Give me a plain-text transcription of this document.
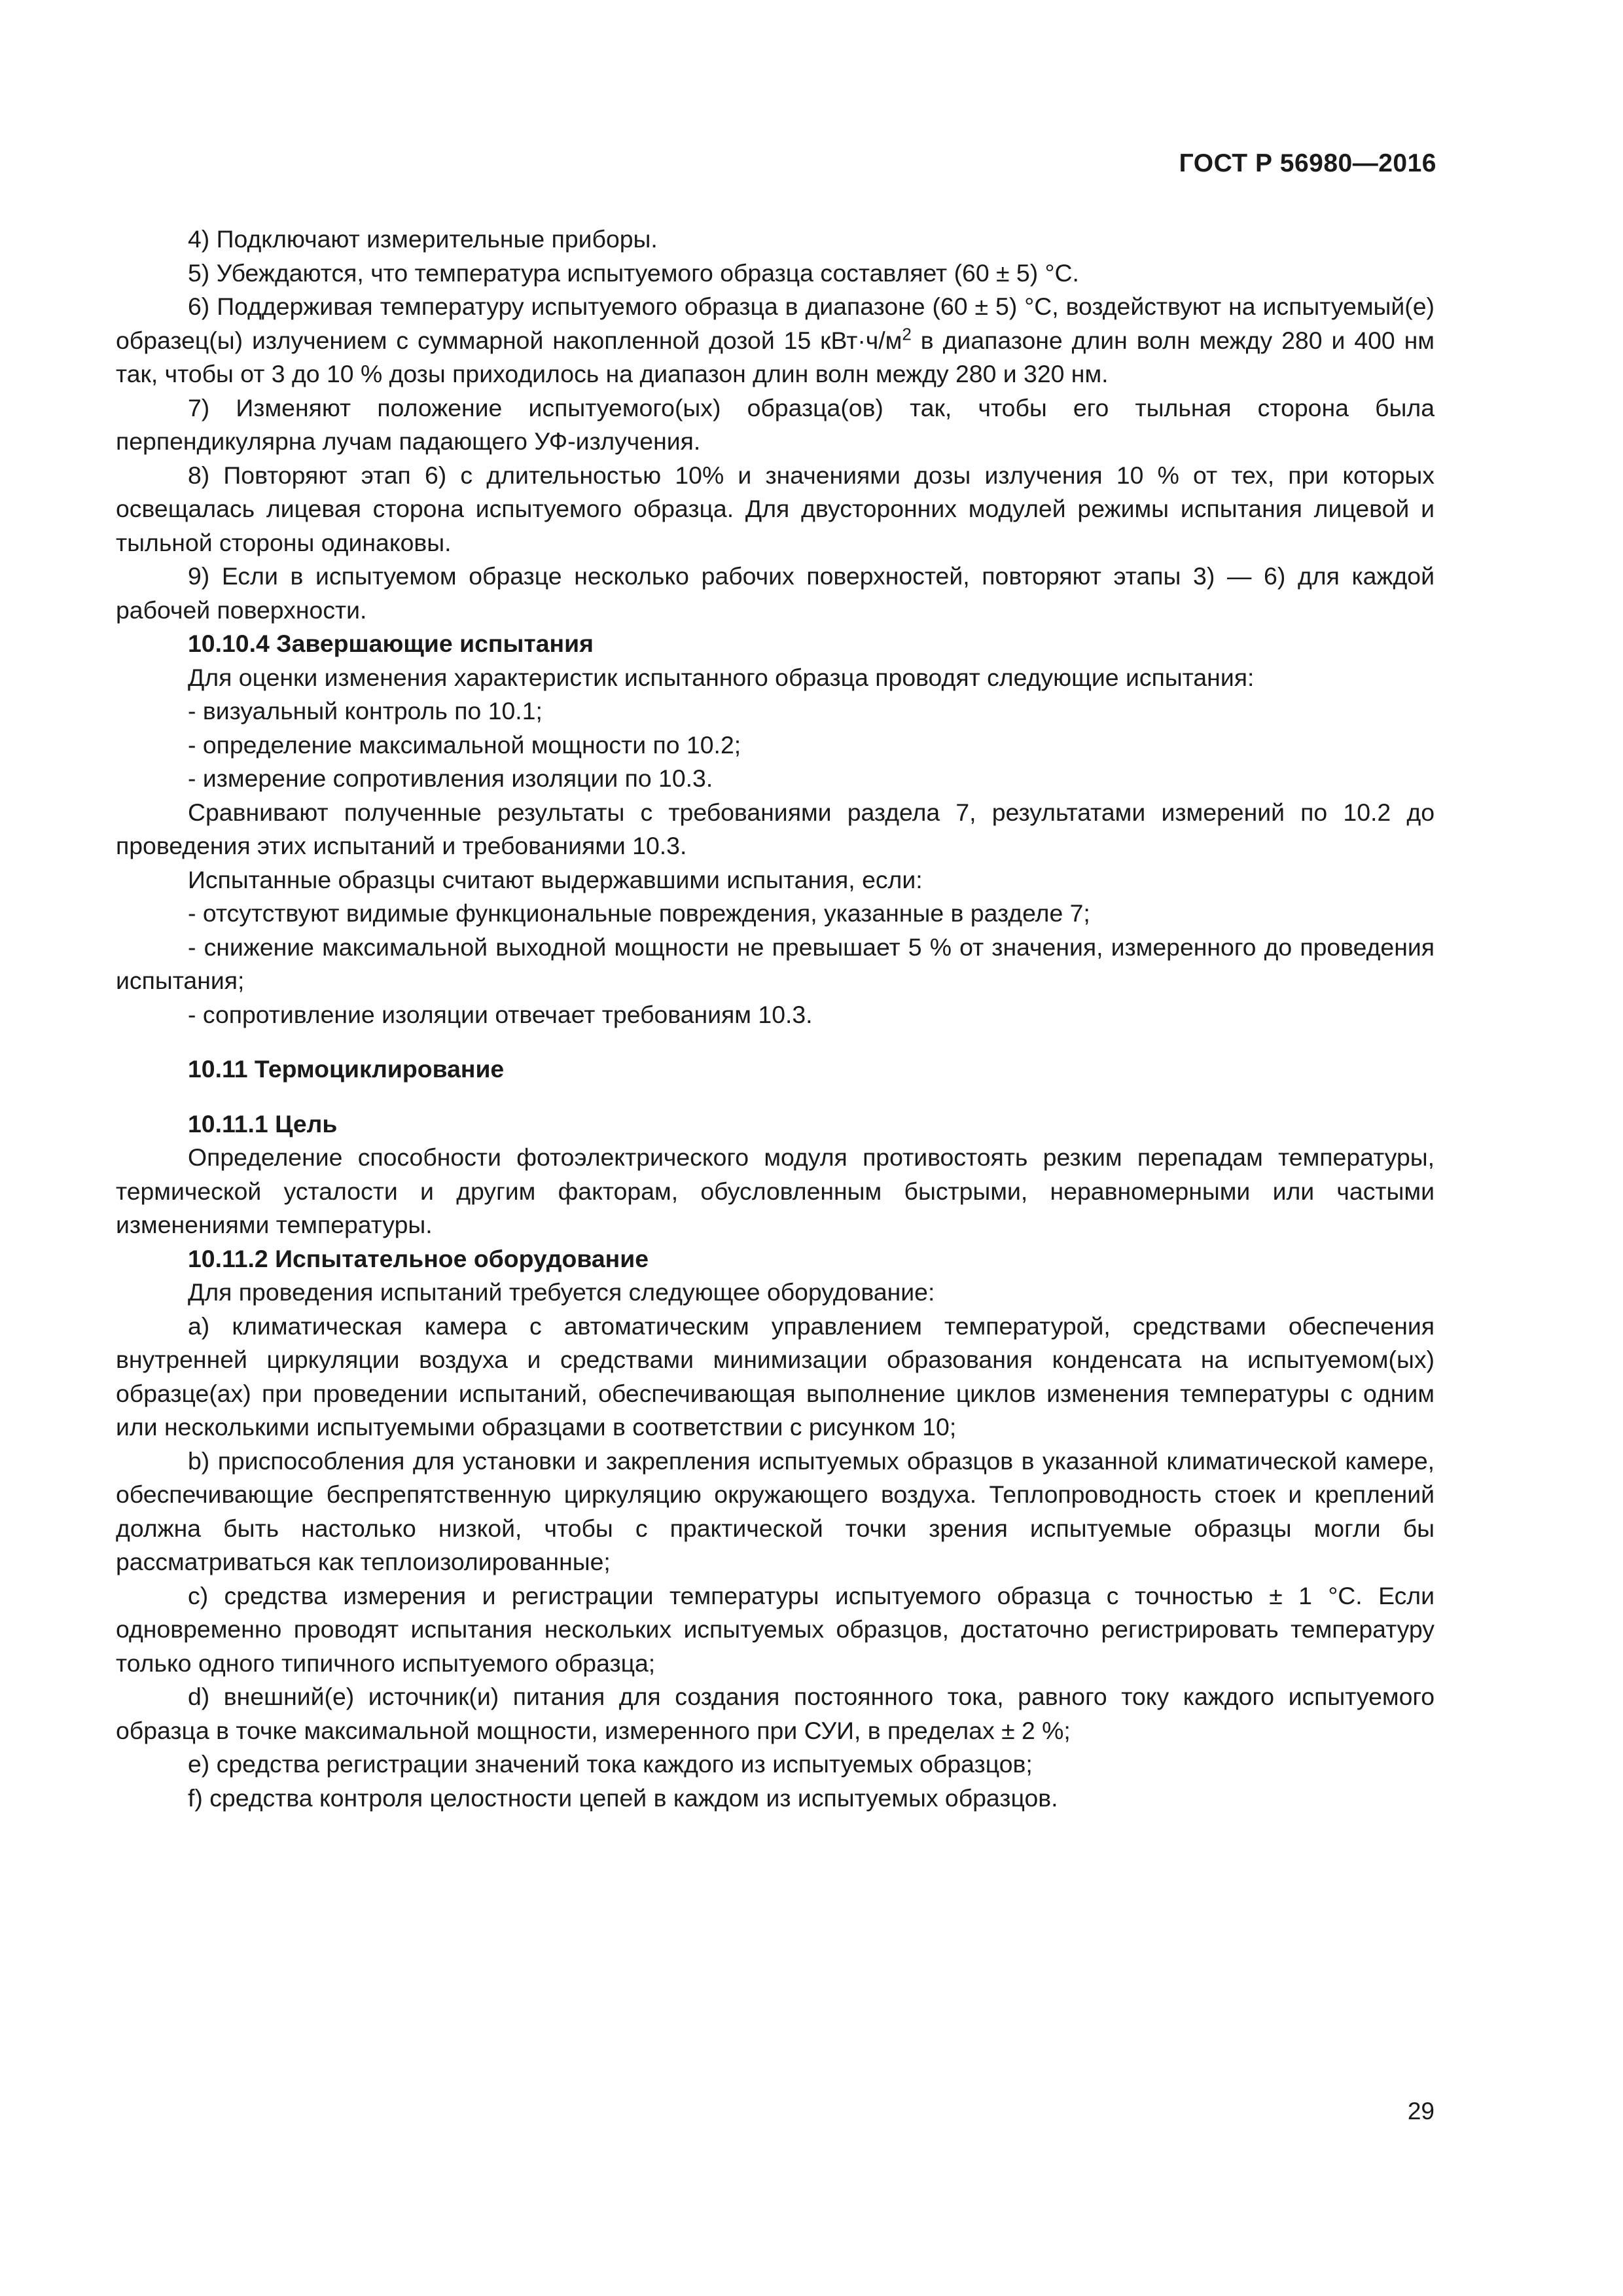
ГОСТ Р 56980—2016

4) Подключают измерительные приборы.

5) Убеждаются, что температура испытуемого образца составляет (60 ± 5) °С.

6) Поддерживая температуру испытуемого образца в диапазоне (60 ± 5) °С, воздействуют на испытуемый(е) образец(ы) излучением с суммарной накопленной дозой 15 $кВт\cdot ч/м^2$ в диапазоне длин волн между 280 и 400 нм так, чтобы от 3 до 10 % дозы приходилось на диапазон длин волн между 280 и 320 нм.

7) Изменяют положение испытуемого(ых) образца(ов) так, чтобы его тыльная сторона была перпендикулярна лучам падающего УФ-излучения.

8) Повторяют этап 6) с длительностью 10% и значениями дозы излучения 10 % от тех, при которых освещалась лицевая сторона испытуемого образца. Для двусторонних модулей режимы испытания лицевой и тыльной стороны одинаковы.

9) Если в испытуемом образце несколько рабочих поверхностей, повторяют этапы 3) — 6) для каждой рабочей поверхности.

10.10.4 Завершающие испытания

Для оценки изменения характеристик испытанного образца проводят следующие испытания:

- визуальный контроль по 10.1;

- определение максимальной мощности по 10.2;

- измерение сопротивления изоляции по 10.3.

Сравнивают полученные результаты с требованиями раздела 7, результатами измерений по 10.2 до проведения этих испытаний и требованиями 10.3.

Испытанные образцы считают выдержавшими испытания, если:

- отсутствуют видимые функциональные повреждения, указанные в разделе 7;

- снижение максимальной выходной мощности не превышает 5 % от значения, измеренного до проведения испытания;

- сопротивление изоляции отвечает требованиям 10.3.

10.11 Термоциклирование

10.11.1 Цель

Определение способности фотоэлектрического модуля противостоять резким перепадам температуры, термической усталости и другим факторам, обусловленным быстрыми, неравномерными или частыми изменениями температуры.

10.11.2 Испытательное оборудование

Для проведения испытаний требуется следующее оборудование:

а) климатическая камера с автоматическим управлением температурой, средствами обеспечения внутренней циркуляции воздуха и средствами минимизации образования конденсата на испытуемом(ых) образце(ах) при проведении испытаний, обеспечивающая выполнение циклов изменения температуры с одним или несколькими испытуемыми образцами в соответствии с рисунком 10;

b) приспособления для установки и закрепления испытуемых образцов в указанной климатической камере, обеспечивающие беспрепятственную циркуляцию окружающего воздуха. Теплопроводность стоек и креплений должна быть настолько низкой, чтобы с практической точки зрения испытуемые образцы могли бы рассматриваться как теплоизолированные;

с) средства измерения и регистрации температуры испытуемого образца с точностью ± 1 °С. Если одновременно проводят испытания нескольких испытуемых образцов, достаточно регистрировать температуру только одного типичного испытуемого образца;

d) внешний(е) источник(и) питания для создания постоянного тока, равного току каждого испытуемого образца в точке максимальной мощности, измеренного при СУИ, в пределах ± 2 %;

е) средства регистрации значений тока каждого из испытуемых образцов;

f) средства контроля целостности цепей в каждом из испытуемых образцов.

29
